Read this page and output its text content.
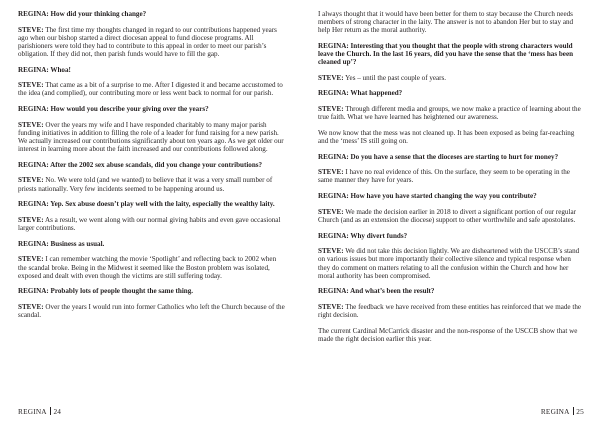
REGINA: How did your thinking change?

STEVE: The first time my thoughts changed in regard to our contributions happened years ago when our bishop started a direct diocesan appeal to fund diocese programs. All parishioners were told they had to contribute to this appeal in order to meet our parish’s obligation. If they did not, then parish funds would have to fill the gap.

REGINA: Whoa!

STEVE: That came as a bit of a surprise to me. After I digested it and became accustomed to the idea (and complied), our contributing more or less went back to normal for our parish.

REGINA: How would you describe your giving over the years?

STEVE: Over the years my wife and I have responded charitably to many major parish funding initiatives in addition to filling the role of a leader for fund raising for a new parish. We actually increased our contributions significantly about ten years ago. As we get older our interest in learning more about the faith increased and our contributions followed along.

REGINA: After the 2002 sex abuse scandals, did you change your contributions?

STEVE: No. We were told (and we wanted) to believe that it was a very small number of priests nationally. Very few incidents seemed to be happening around us.

REGINA: Yep. Sex abuse doesn’t play well with the laity, especially the wealthy laity.

STEVE: As a result, we went along with our normal giving habits and even gave occasional larger contributions.

REGINA: Business as usual.

STEVE: I can remember watching the movie ‘Spotlight’ and reflecting back to 2002 when the scandal broke. Being in the Midwest it seemed like the Boston problem was isolated, exposed and dealt with even though the victims are still suffering today.

REGINA: Probably lots of people thought the same thing.

STEVE: Over the years I would run into former Catholics who left the Church because of the scandal.

REGINA 24

I always thought that it would have been better for them to stay because the Church needs members of strong character in the laity. The answer is not to abandon Her but to stay and help Her return as the moral authority.

REGINA: Interesting that you thought that the people with strong characters would leave the Church. In the last 16 years, did you have the sense that the ‘mess has been cleaned up’?

STEVE: Yes – until the past couple of years.

REGINA: What happened?

STEVE: Through different media and groups, we now make a practice of learning about the true faith. What we have learned has heightened our awareness.

We now know that the mess was not cleaned up. It has been exposed as being far-reaching and the ‘mess’ IS still going on.

REGINA: Do you have a sense that the dioceses are starting to hurt for money?

STEVE: I have no real evidence of this. On the surface, they seem to be operating in the same manner they have for years.

REGINA: How have you have started changing the way you contribute?

STEVE: We made the decision earlier in 2018 to divert a significant portion of our regular Church (and as an extension the diocese) support to other worthwhile and safe apostolates.

REGINA: Why divert funds?

STEVE: We did not take this decision lightly. We are disheartened with the USCCB’s stand on various issues but more importantly their collective silence and typical response when they do comment on matters relating to all the confusion within the Church and how her moral authority has been compromised.

REGINA: And what’s been the result?

STEVE: The feedback we have received from these entities has reinforced that we made the right decision.

The current Cardinal McCarrick disaster and the non-response of the USCCB show that we made the right decision earlier this year.

REGINA 25
